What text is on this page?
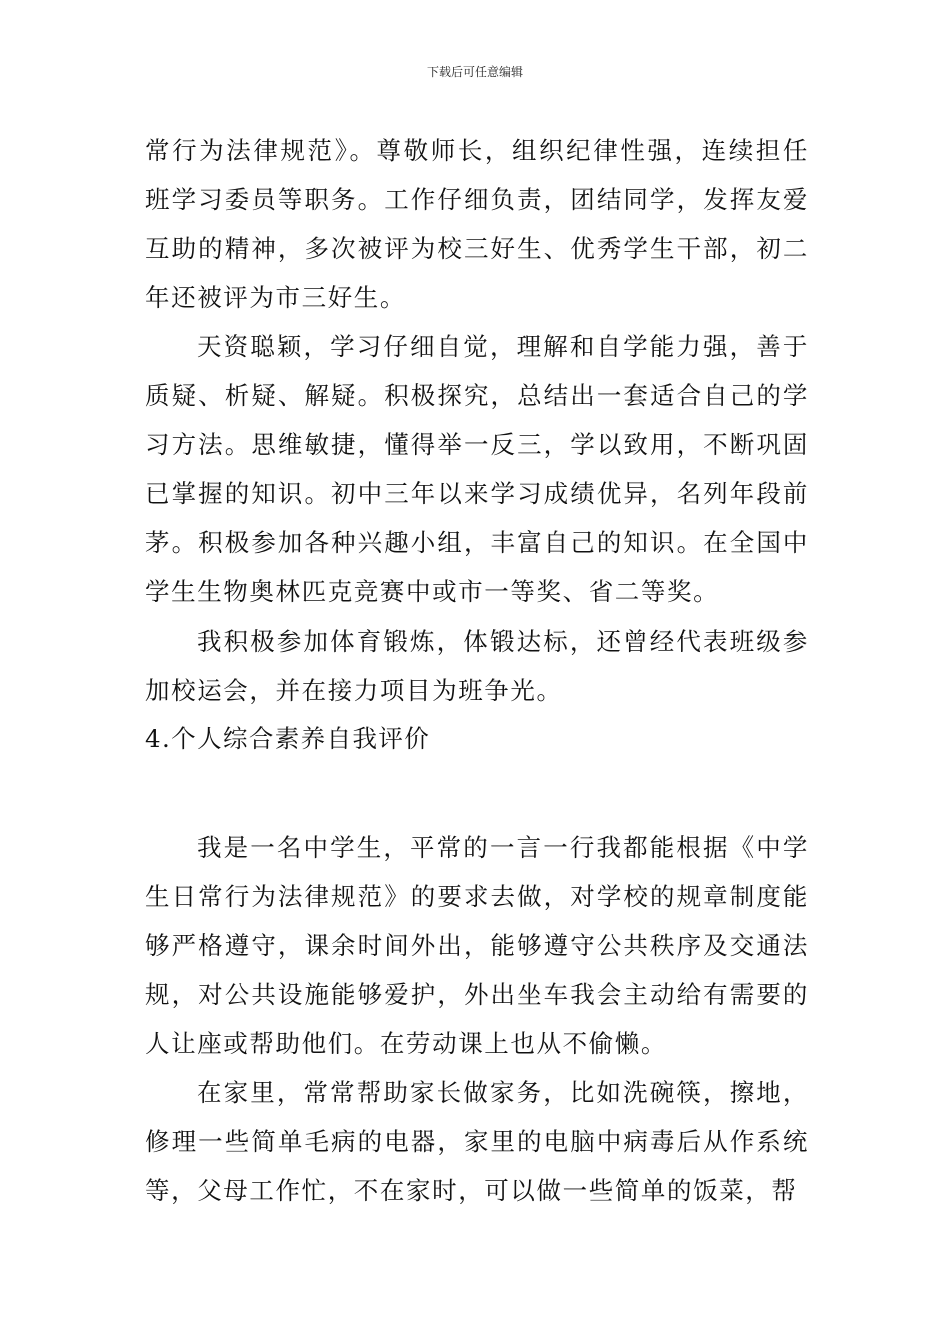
下载后可任意编辑

常行为法律规范》。尊敬师长，组织纪律性强，连续担任班学习委员等职务。工作仔细负责，团结同学，发挥友爱互助的精神，多次被评为校三好生、优秀学生干部，初二年还被评为市三好生。

天资聪颖，学习仔细自觉，理解和自学能力强，善于质疑、析疑、解疑。积极探究，总结出一套适合自己的学习方法。思维敏捷，懂得举一反三，学以致用，不断巩固已掌握的知识。初中三年以来学习成绩优异，名列年段前茅。积极参加各种兴趣小组，丰富自己的知识。在全国中学生生物奥林匹克竞赛中或市一等奖、省二等奖。

我积极参加体育锻炼，体锻达标，还曾经代表班级参加校运会，并在接力项目为班争光。

4.个人综合素养自我评价

我是一名中学生，平常的一言一行我都能根据《中学生日常行为法律规范》的要求去做，对学校的规章制度能够严格遵守，课余时间外出，能够遵守公共秩序及交通法规，对公共设施能够爱护，外出坐车我会主动给有需要的人让座或帮助他们。在劳动课上也从不偷懒。

在家里，常常帮助家长做家务，比如洗碗筷，擦地，修理一些简单毛病的电器，家里的电脑中病毒后从作系统等，父母工作忙，不在家时，可以做一些简单的饭菜，帮
